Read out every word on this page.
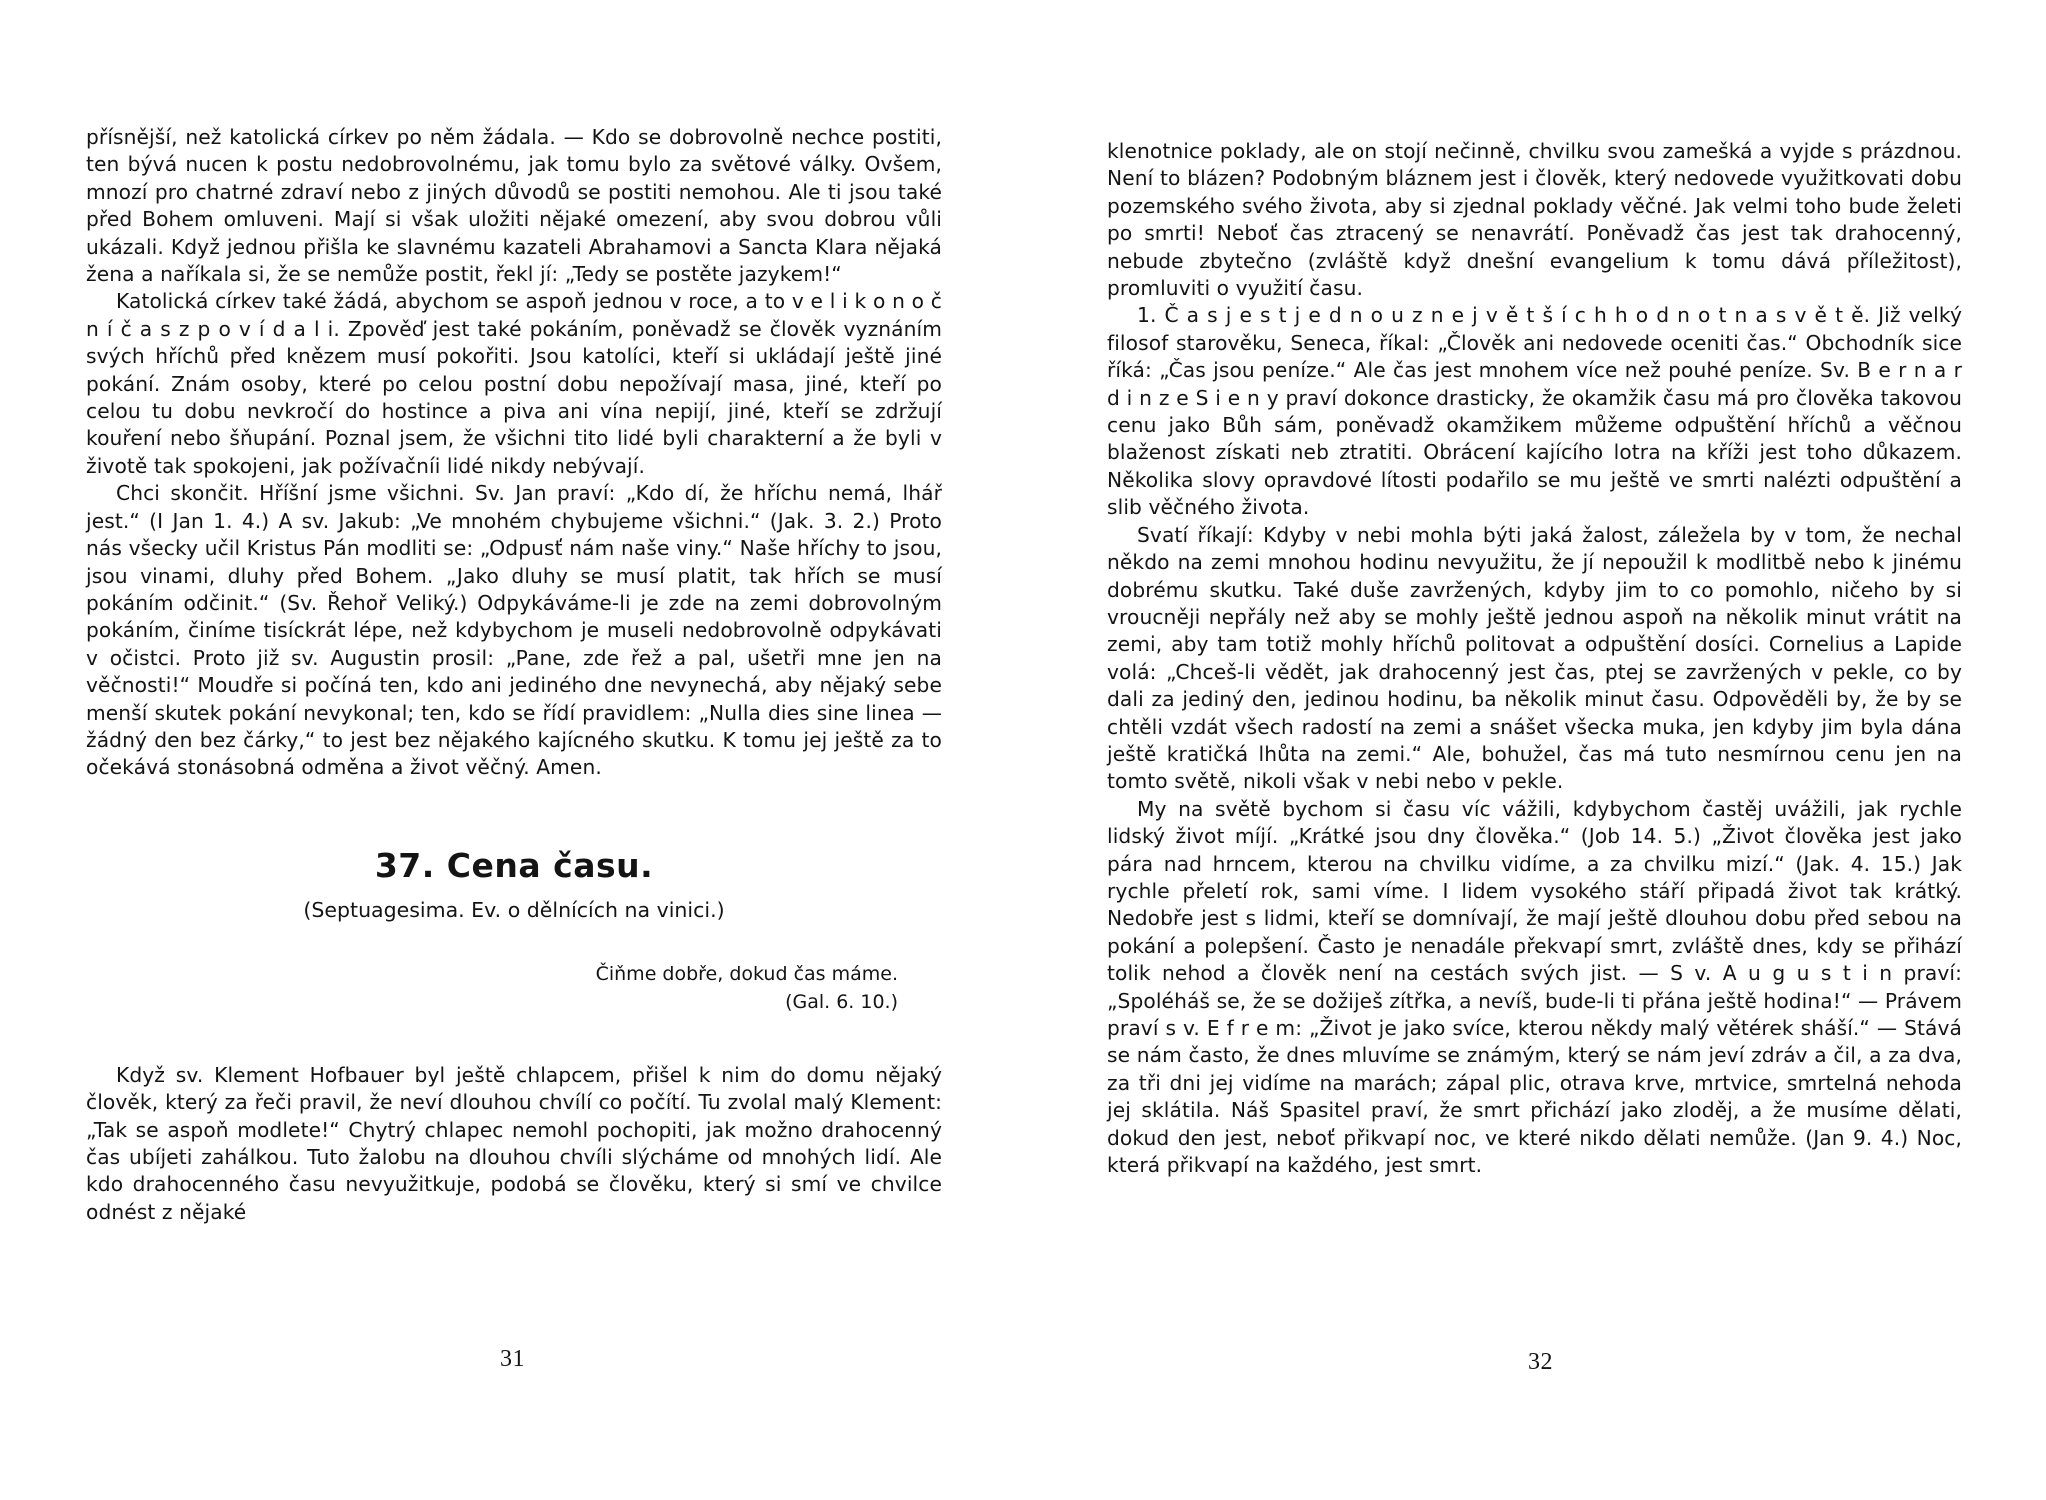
přísnější, než katolická církev po něm žádala. — Kdo se dobrovolně nechce postiti, ten bývá nucen k postu nedobrovolnému, jak tomu bylo za světové války. Ovšem, mnozí pro chatrné zdraví nebo z jiných důvodů se postiti nemohou. Ale ti jsou také před Bohem omluveni. Mají si však uložiti nějaké omezení, aby svou dobrou vůli ukázali. Když jednou přišla ke slavnému kazateli Abrahamovi a Sancta Klara nějaká žena a naříkala si, že se nemůže postit, řekl jí: „Tedy se postěte jazykem!“

Katolická církev také žádá, abychom se aspoň jednou v roce, a to v e l i k o n o č n í č a s z p o v í d a l i. Zpověď jest také pokáním, poněvadž se člověk vyznáním svých hříchů před knězem musí pokořiti. Jsou katolíci, kteří si ukládají ještě jiné pokání. Znám osoby, které po celou postní dobu nepožívají masa, jiné, kteří po celou tu dobu nevkročí do hostince a piva ani vína nepijí, jiné, kteří se zdržují kouření nebo šňupání. Poznal jsem, že všichni tito lidé byli charakterní a že byli v životě tak spokojeni, jak požívačníi lidé nikdy nebývají.

Chci skončit. Hříšní jsme všichni. Sv. Jan praví: „Kdo dí, že hříchu nemá, lhář jest.“ (I Jan 1. 4.) A sv. Jakub: „Ve mnohém chybujeme všichni.“ (Jak. 3. 2.) Proto nás všecky učil Kristus Pán modliti se: „Odpusť nám naše viny.“ Naše hříchy to jsou, jsou vinami, dluhy před Bohem. „Jako dluhy se musí platit, tak hřích se musí pokáním odčinit.“ (Sv. Řehoř Veliký.) Odpykáváme-li je zde na zemi dobrovolným pokáním, činíme tisíckrát lépe, než kdybychom je museli nedobrovolně odpykávati v očistci. Proto již sv. Augustin prosil: „Pane, zde řež a pal, ušetři mne jen na věčnosti!“ Moudře si počíná ten, kdo ani jediného dne nevynechá, aby nějaký sebe menší skutek pokání nevykonal; ten, kdo se řídí pravidlem: „Nulla dies sine linea — žádný den bez čárky,“ to jest bez nějakého kajícného skutku. K tomu jej ještě za to očekává stonásobná odměna a život věčný. Amen.

37. Cena času.
(Septuagesima. Ev. o dělnících na vinici.)
Čiňme dobře, dokud čas máme.
(Gal. 6. 10.)

Když sv. Klement Hofbauer byl ještě chlapcem, přišel k nim do domu nějaký člověk, který za řeči pravil, že neví dlouhou chvílí co počítí. Tu zvolal malý Klement: „Tak se aspoň modlete!“ Chytrý chlapec nemohl pochopiti, jak možno drahocenný čas ubíjeti zahálkou. Tuto žalobu na dlouhou chvíli slýcháme od mnohých lidí. Ale kdo drahocenného času nevyužitkuje, podobá se člověku, který si smí ve chvilce odnést z nějaké

31

klenotnice poklady, ale on stojí nečinně, chvilku svou zamešká a vyjde s prázdnou. Není to blázen? Podobným bláznem jest i člověk, který nedovede využitkovati dobu pozemského svého života, aby si zjednal poklady věčné. Jak velmi toho bude želeti po smrti! Neboť čas ztracený se nenavrátí. Poněvadž čas jest tak drahocenný, nebude zbytečno (zvláště když dnešní evangelium k tomu dává příležitost), promluviti o využití času.

1. Č a s j e s t j e d n o u z n e j v ě t š í c h h o d n o t n a s v ě t ě. Již velký filosof starověku, Seneca, říkal: „Člověk ani nedovede oceniti čas.“ Obchodník sice říká: „Čas jsou peníze.“ Ale čas jest mnohem více než pouhé peníze. Sv. B e r n a r d i n z e S i e n y praví dokonce drasticky, že okamžik času má pro člověka takovou cenu jako Bůh sám, poněvadž okamžikem můžeme odpuštění hříchů a věčnou blaženost získati neb ztratiti. Obrácení kajícího lotra na kříži jest toho důkazem. Několika slovy opravdové lítosti podařilo se mu ještě ve smrti nalézti odpuštění a slib věčného života.

Svatí říkají: Kdyby v nebi mohla býti jaká žalost, záležela by v tom, že nechal někdo na zemi mnohou hodinu nevyužitu, že jí nepoužil k modlitbě nebo k jinému dobrému skutku. Také duše zavržených, kdyby jim to co pomohlo, ničeho by si vroucněji nepřály než aby se mohly ještě jednou aspoň na několik minut vrátit na zemi, aby tam totiž mohly hříchů politovat a odpuštění dosíci. Cornelius a Lapide volá: „Chceš-li vědět, jak drahocenný jest čas, ptej se zavržených v pekle, co by dali za jediný den, jedinou hodinu, ba několik minut času. Odpověděli by, že by se chtěli vzdát všech radostí na zemi a snášet všecka muka, jen kdyby jim byla dána ještě kratičká lhůta na zemi.“ Ale, bohužel, čas má tuto nesmírnou cenu jen na tomto světě, nikoli však v nebi nebo v pekle.

My na světě bychom si času víc vážili, kdybychom častěj uvážili, jak rychle lidský život míjí. „Krátké jsou dny člověka.“ (Job 14. 5.) „Život člověka jest jako pára nad hrncem, kterou na chvilku vidíme, a za chvilku mizí.“ (Jak. 4. 15.) Jak rychle přeletí rok, sami víme. I lidem vysokého stáří připadá život tak krátký. Nedobře jest s lidmi, kteří se domnívají, že mají ještě dlouhou dobu před sebou na pokání a polepšení. Často je nenadále překvapí smrt, zvláště dnes, kdy se přihází tolik nehod a člověk není na cestách svých jist. — S v. A u g u s t i n praví: „Spoléháš se, že se dožiješ zítřka, a nevíš, bude-li ti přána ještě hodina!“ — Právem praví s v. E f r e m: „Život je jako svíce, kterou někdy malý větérek sháší.“ — Stává se nám často, že dnes mluvíme se známým, který se nám jeví zdráv a čil, a za dva, za tři dni jej vidíme na marách; zápal plic, otrava krve, mrtvice, smrtelná nehoda jej sklátila. Náš Spasitel praví, že smrt přichází jako zloděj, a že musíme dělati, dokud den jest, neboť přikvapí noc, ve které nikdo dělati nemůže. (Jan 9. 4.) Noc, která přikvapí na každého, jest smrt.

32
